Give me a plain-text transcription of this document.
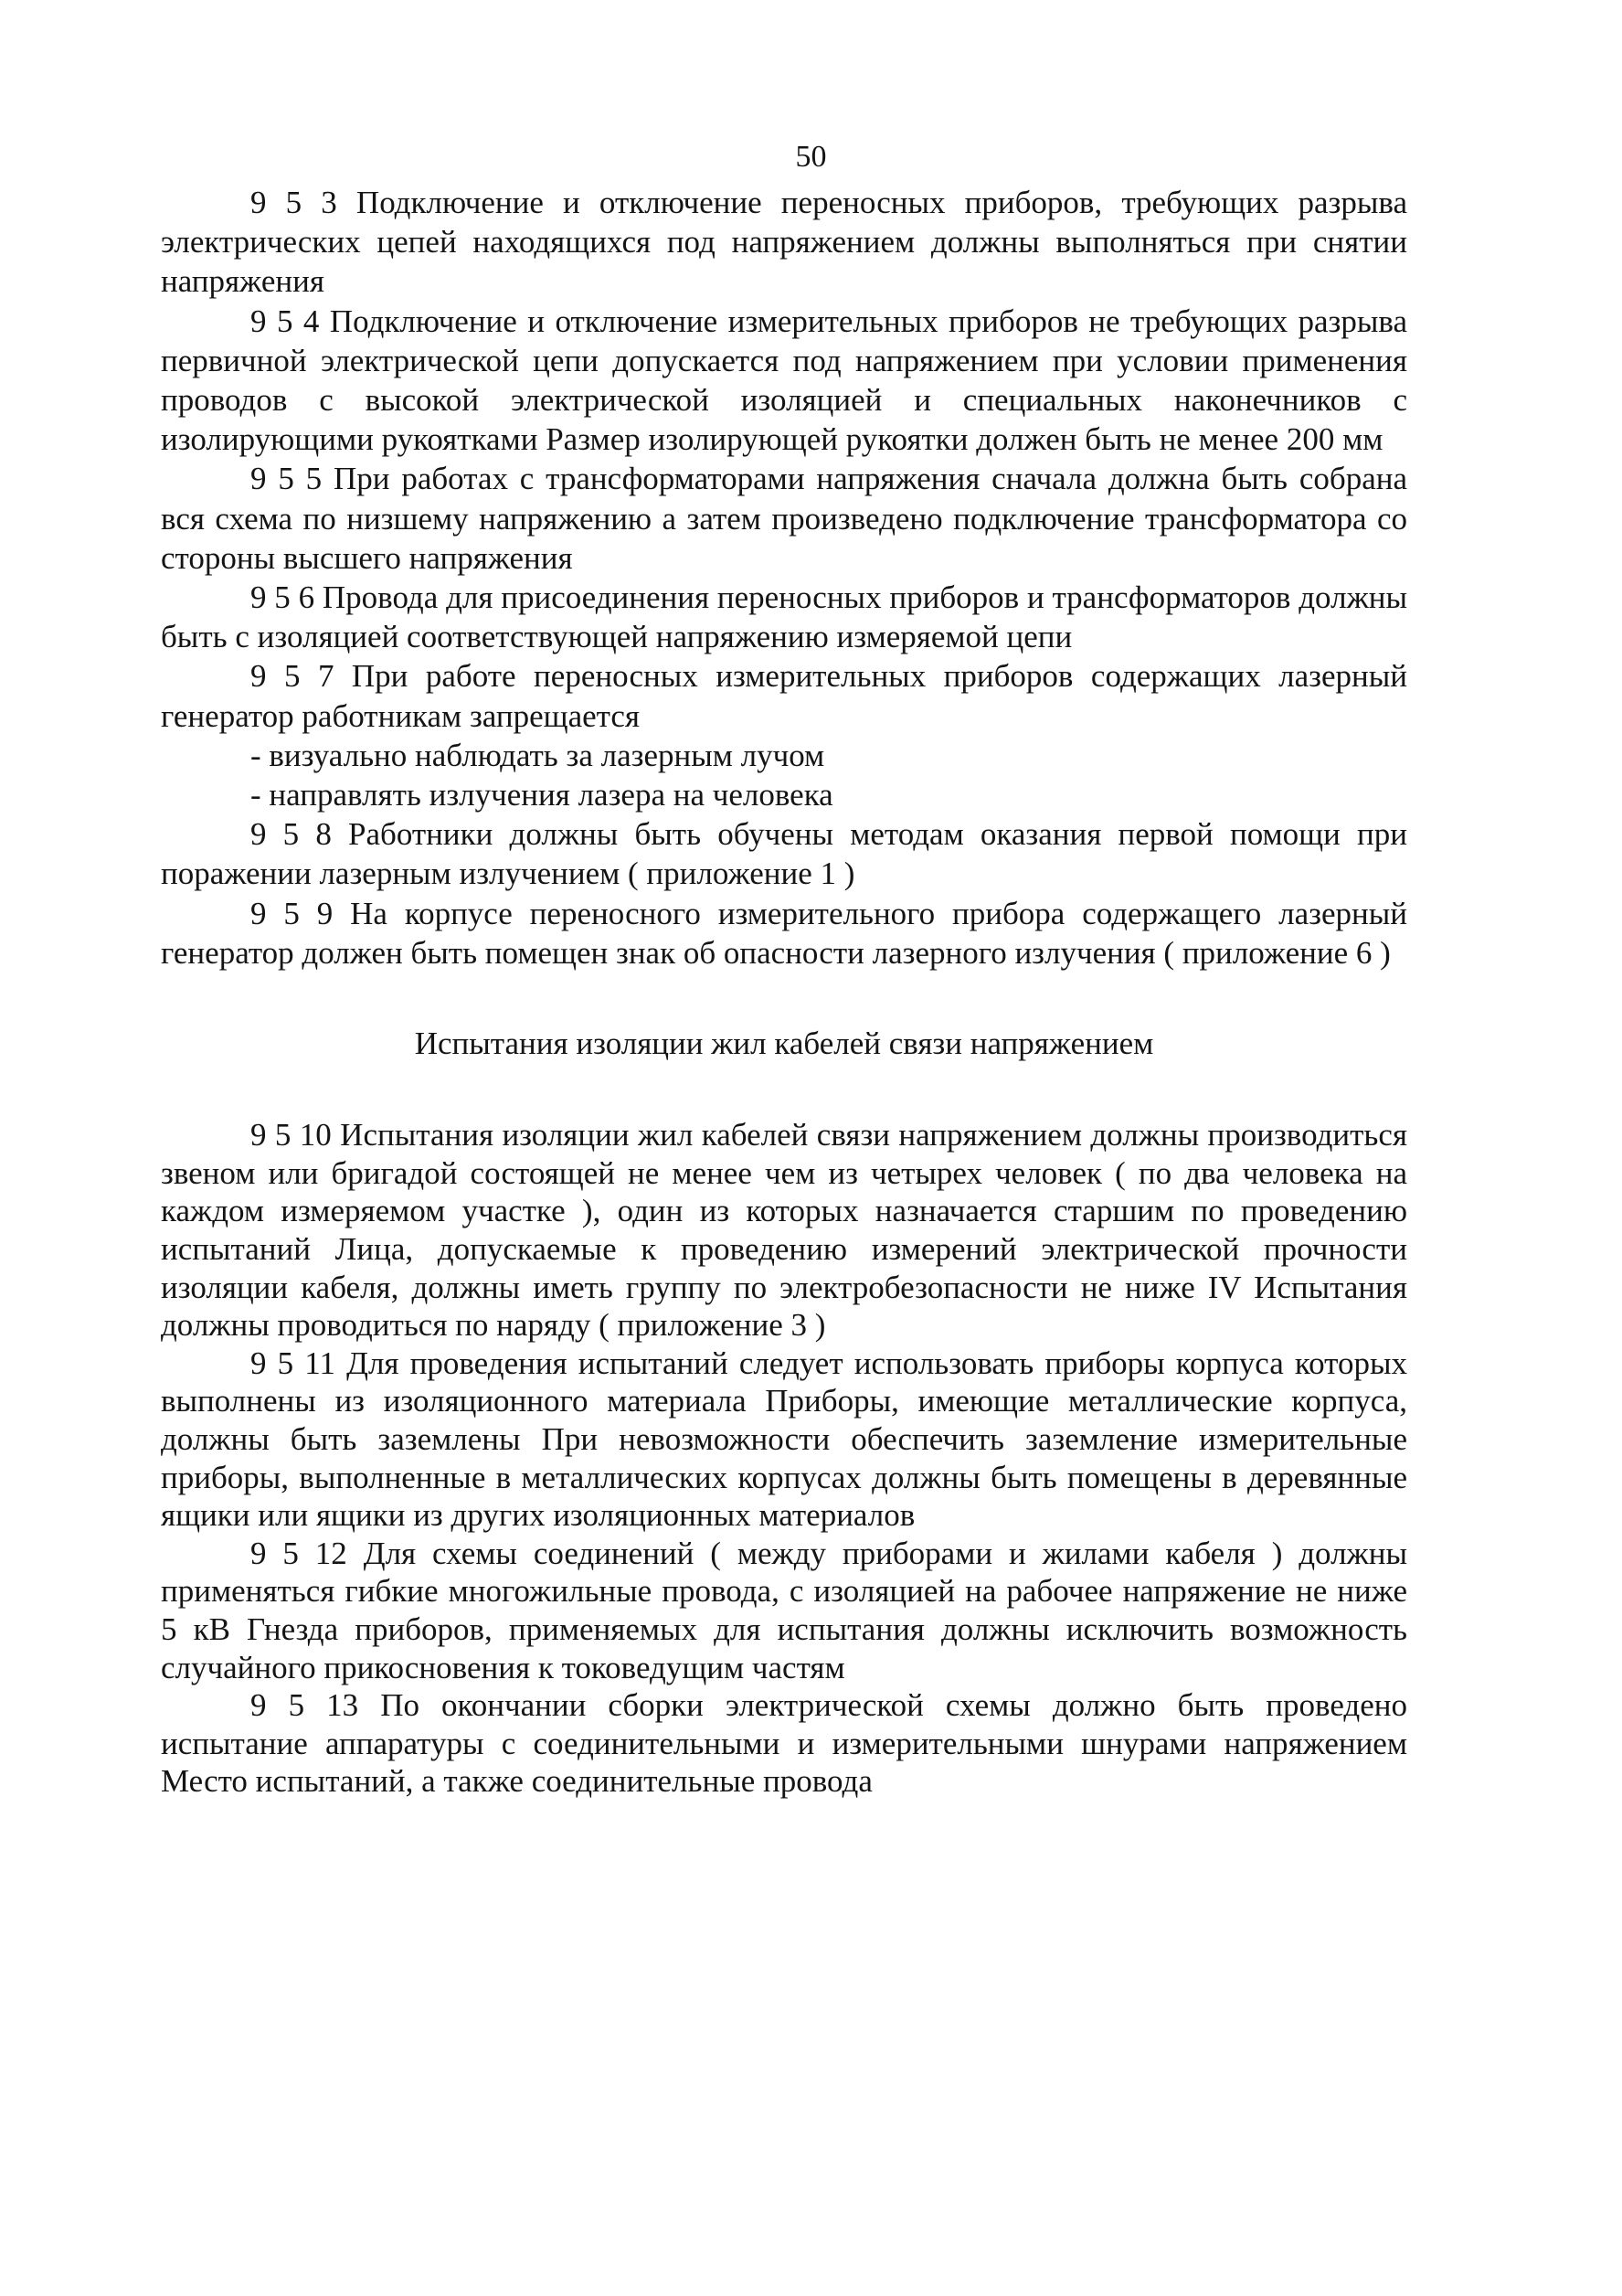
50

9 5 3 Подключение и отключение переносных приборов, требующих разрыва электрических цепей находящихся под напряжением должны выполняться при снятии напряжения

9 5 4 Подключение и отключение измерительных приборов не требующих разрыва первичной электрической цепи допускается под напряжением при условии применения проводов с высокой электрической изоляцией и специальных наконечников с изолирующими рукоятками Размер изолирующей рукоятки должен быть не менее 200 мм

9 5 5 При работах с трансформаторами напряжения сначала должна быть собрана вся схема по низшему напряжению а затем произведено подключение трансформатора со стороны высшего напряжения

9 5 6 Провода для присоединения переносных приборов и трансформаторов должны быть с изоляцией соответствующей напряжению измеряемой цепи

9 5 7 При работе переносных измерительных приборов содержащих лазерный генератор работникам запрещается

- визуально наблюдать за лазерным лучом

- направлять излучения лазера на человека

9 5 8 Работники должны быть обучены методам оказания первой помощи при поражении лазерным излучением ( приложение 1 )

9 5 9 На корпусе переносного измерительного прибора содержащего лазерный генератор должен быть помещен знак об опасности лазерного излучения ( приложение 6 )

Испытания изоляции жил кабелей связи напряжением

9 5 10 Испытания изоляции жил кабелей связи напряжением должны производиться звеном или бригадой состоящей не менее чем из четырех человек ( по два человека на каждом измеряемом участке ), один из которых назначается старшим по проведению испытаний Лица, допускаемые к проведению измерений электрической прочности изоляции кабеля, должны иметь группу по электробезопасности не ниже IV Испытания должны проводиться по наряду ( приложение 3 )

9 5 11 Для проведения испытаний следует использовать приборы корпуса которых выполнены из изоляционного материала Приборы, имеющие металлические корпуса, должны быть заземлены При невозможности обеспечить заземление измерительные приборы, выполненные в металлических корпусах должны быть помещены в деревянные ящики или ящики из других изоляционных материалов

9 5 12 Для схемы соединений ( между приборами и жилами кабеля ) должны применяться гибкие многожильные провода, с изоляцией на рабочее напряжение не ниже 5 кВ Гнезда приборов, применяемых для испытания должны исключить возможность случайного прикосновения к токоведущим частям

9 5 13 По окончании сборки электрической схемы должно быть проведено испытание аппаратуры с соединительными и измерительными шнурами напряжением Место испытаний, а также соединительные провода
